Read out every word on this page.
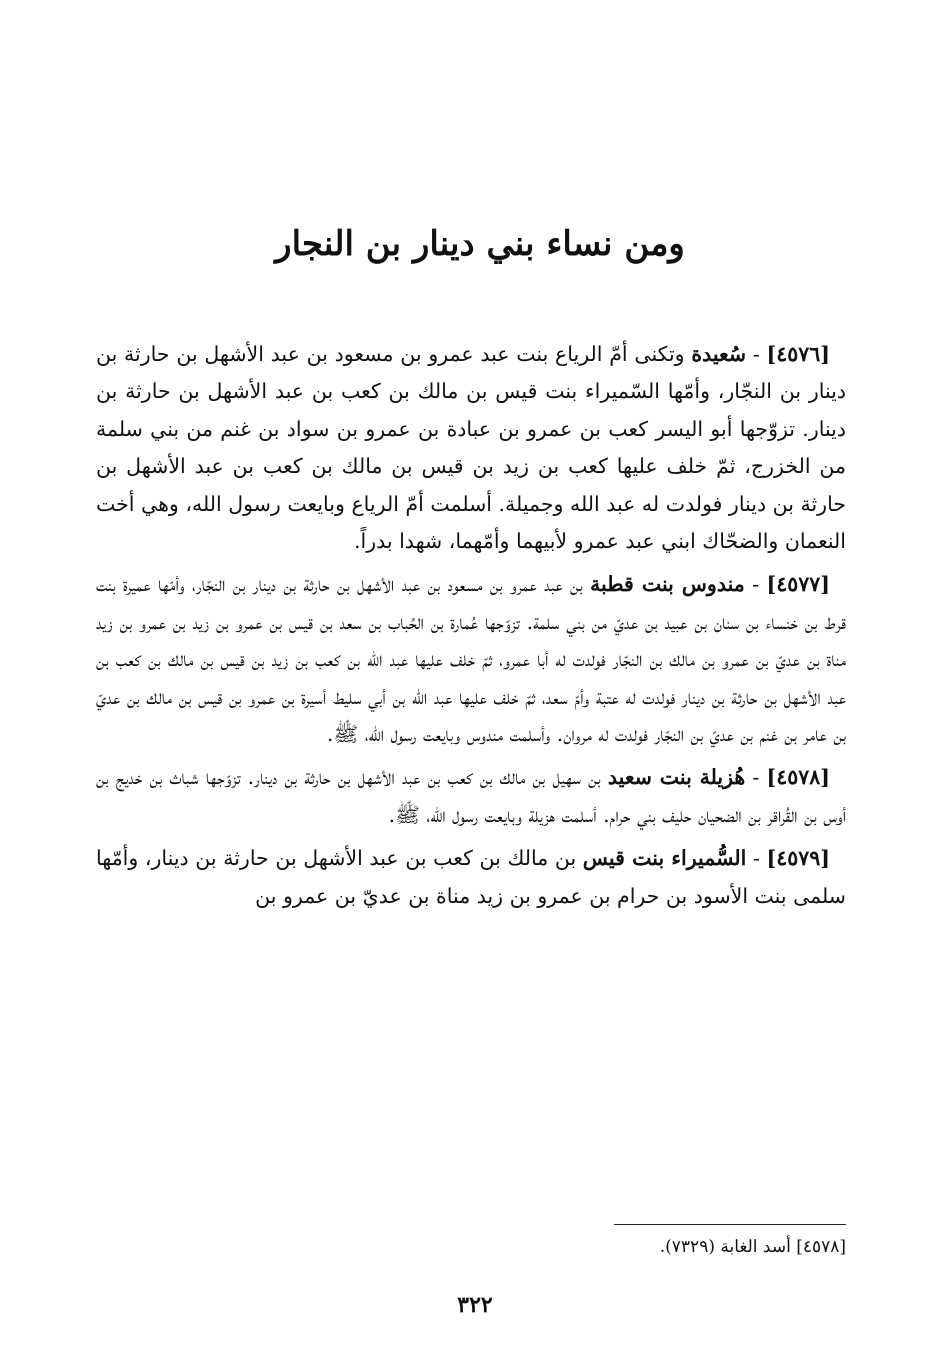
ومن نساء بني دينار بن النجار

[٤٥٧٦] - سُعيدة وتكنى أمّ الرياع بنت عبد عمرو بن مسعود بن عبد الأشهل بن حارثة بن دينار بن النجّار، وأمّها السّميراء بنت قيس بن مالك بن كعب بن عبد الأشهل بن حارثة بن دينار. تزوّجها أبو اليسر كعب بن عمرو بن عبادة بن عمرو بن سواد بن غنم من بني سلمة من الخزرج، ثمّ خلف عليها كعب بن زيد بن قيس بن مالك بن كعب بن عبد الأشهل بن حارثة بن دينار فولدت له عبد الله وجميلة. أسلمت أمّ الرياع وبايعت رسول الله، وهي أخت النعمان والضحّاك ابني عبد عمرو لأبيهما وأمّهما، شهدا بدراً.

[٤٥٧٧] - مندوس بنت قطبة بن عبد عمرو بن مسعود بن عبد الأشهل بن حارثة بن دينار بن النجّار، وأمّها عميرة بنت قرط بن خنساء بن سنان بن عبيد بن عديّ من بني سلمة. تزوّجها عُمارة بن الحُباب بن سعد بن قيس بن عمرو بن زيد بن عمرو بن زيد مناة بن عديّ بن عمرو بن مالك بن النجّار فولدت له أبا عمرو، ثمّ خلف عليها عبد الله بن كعب بن زيد بن قيس بن مالك بن كعب بن عبد الأشهل بن حارثة بن دينار فولدت له عتبة وأمّ سعد، ثمّ خلف عليها عبد الله بن أبي سليط أسيرة بن عمرو بن قيس بن مالك بن عديّ بن عامر بن غنم بن عديّ بن النجّار فولدت له مروان. وأسلمت مندوس وبايعت رسول الله، ﷺ.

[٤٥٧٨] - هُزيلة بنت سعيد بن سهيل بن مالك بن كعب بن عبد الأشهل بن حارثة بن دينار. تزوّجها شباث بن خديج بن أوس بن القُراقر بن الضحيان حليف بني حرام. أسلمت هزيلة وبايعت رسول الله، ﷺ.

[٤٥٧٩] - السُّميراء بنت قيس بن مالك بن كعب بن عبد الأشهل بن حارثة بن دينار، وأمّها سلمى بنت الأسود بن حرام بن عمرو بن زيد مناة بن عديّ بن عمرو بن

[٤٥٧٨] أسد الغابة (٧٣٢٩).
٣٢٢
